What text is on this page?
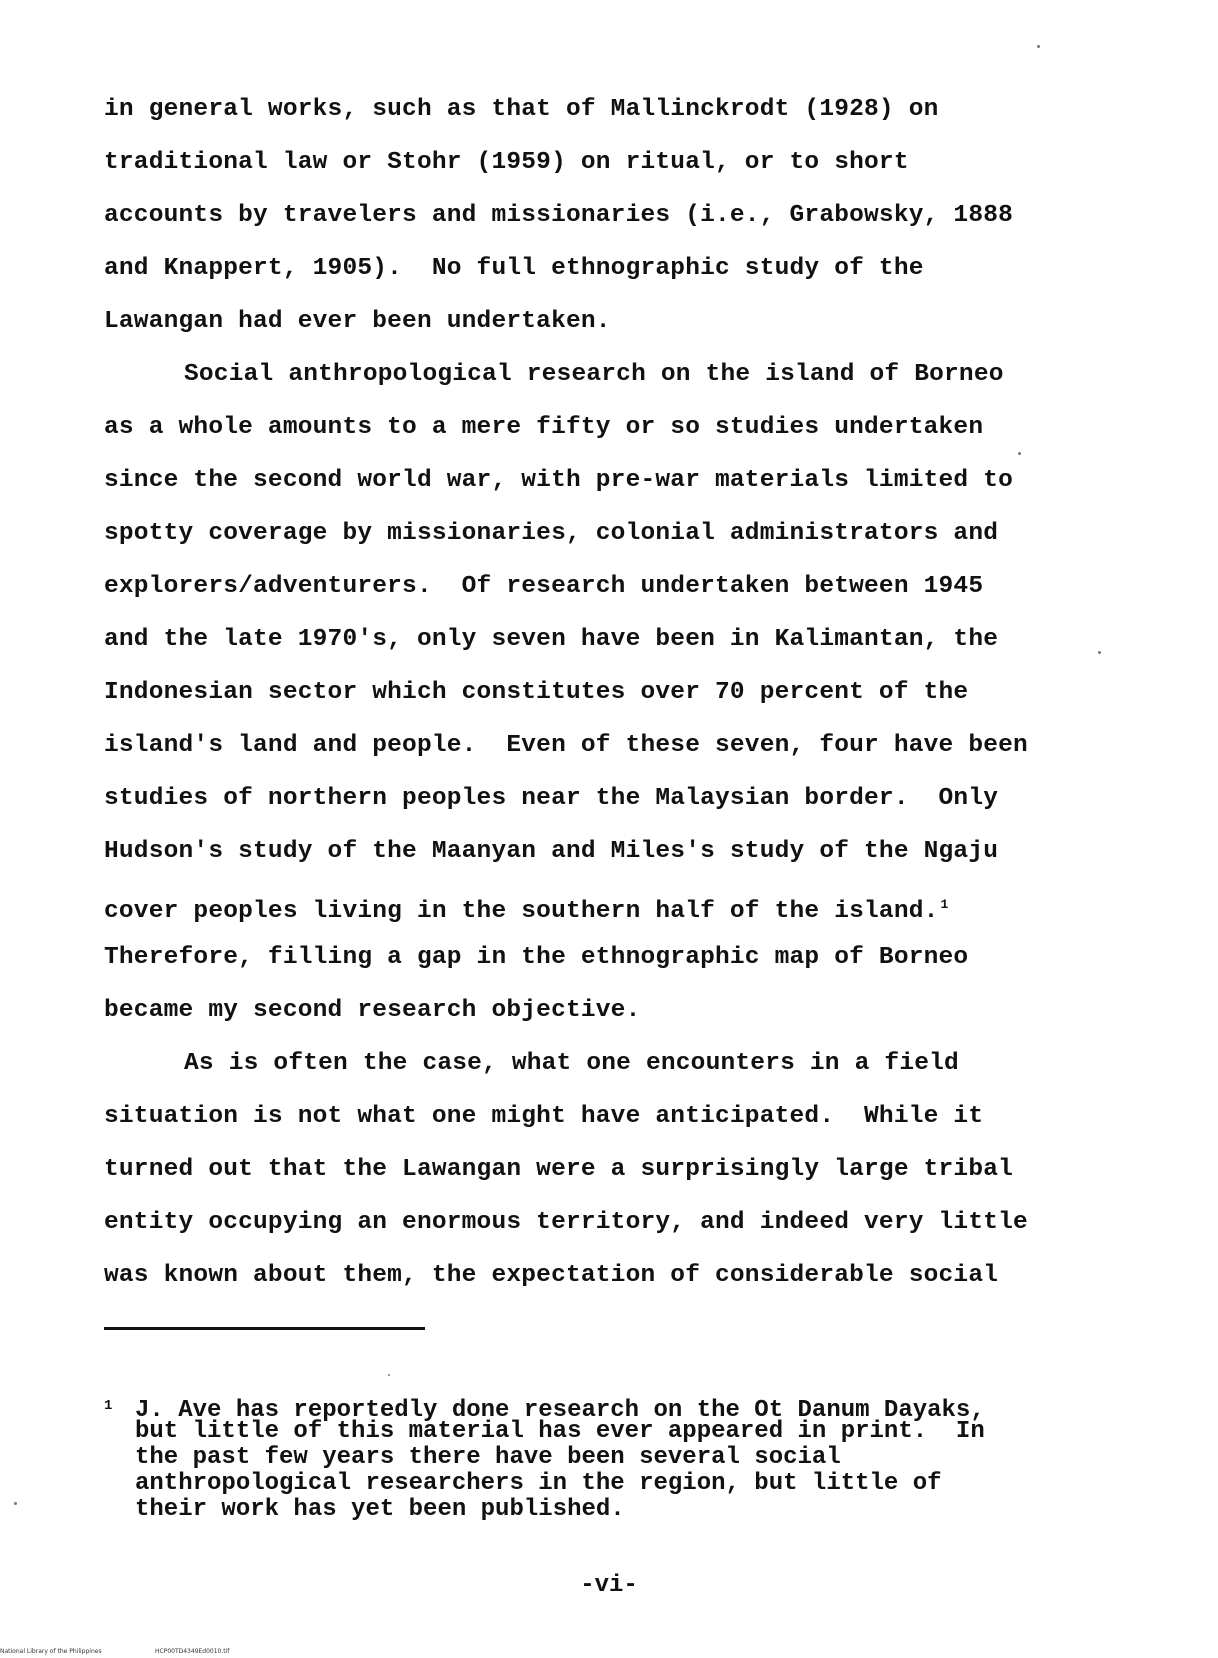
in general works, such as that of Mallinckrodt (1928) on
traditional law or Stohr (1959) on ritual, or to short
accounts by travelers and missionaries (i.e., Grabowsky, 1888
and Knappert, 1905).  No full ethnographic study of the
Lawangan had ever been undertaken.
Social anthropological research on the island of Borneo
as a whole amounts to a mere fifty or so studies undertaken
since the second world war, with pre-war materials limited to
spotty coverage by missionaries, colonial administrators and
explorers/adventurers.  Of research undertaken between 1945
and the late 1970's, only seven have been in Kalimantan, the
Indonesian sector which constitutes over 70 percent of the
island's land and people.  Even of these seven, four have been
studies of northern peoples near the Malaysian border.  Only
Hudson's study of the Maanyan and Miles's study of the Ngaju
cover peoples living in the southern half of the island. $^1$
Therefore, filling a gap in the ethnographic map of Borneo
became my second research objective.
As is often the case, what one encounters in a field
situation is not what one might have anticipated.  While it
turned out that the Lawangan were a surprisingly large tribal
entity occupying an enormous territory, and indeed very little
was known about them, the expectation of considerable social
1 J. Ave has reportedly done research on the Ot Danum Dayaks,
but little of this material has ever appeared in print.  In
the past few years there have been several social
anthropological researchers in the region, but little of
their work has yet been published.
-vi-
National Library of the Philippines	HCP00TD4349Ed0010.tif
